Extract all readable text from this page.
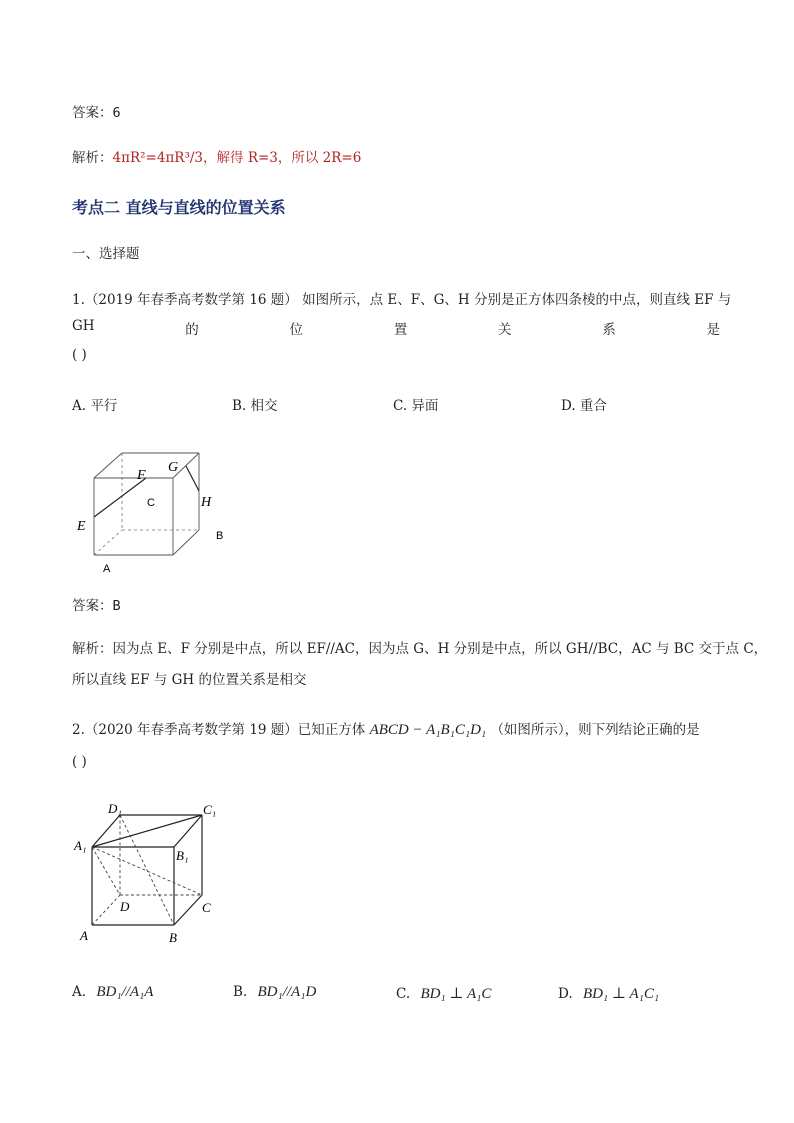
答案：6
解析：4πR²=4πR³/3，解得 R=3，所以 2R=6
考点二 直线与直线的位置关系
一、选择题
1.（2019 年春季高考数学第 16 题） 如图所示，点 E、F、G、H 分别是正方体四条棱的中点，则直线 EF 与
GH	的	位	置	关	系	是
( )
A. 平行	B. 相交	C. 异面	D. 重合
E
F
G
H
C
B
A
答案：B
解析：因为点 E、F 分别是中点，所以 EF//AC，因为点 G、H 分别是中点，所以 GH//BC，AC 与 BC 交于点 C，
所以直线 EF 与 GH 的位置关系是相交
2.（2020 年春季高考数学第 19 题）已知正方体 ABCD − A₁B₁C₁D₁ （如图所示），则下列结论正确的是
( )
D₁	C₁
A₁
B₁
D	C
A	B
A. BD₁//A₁A	B. BD₁//A₁D	C. BD₁ ⊥ A₁C	D. BD₁ ⊥ A₁C₁
